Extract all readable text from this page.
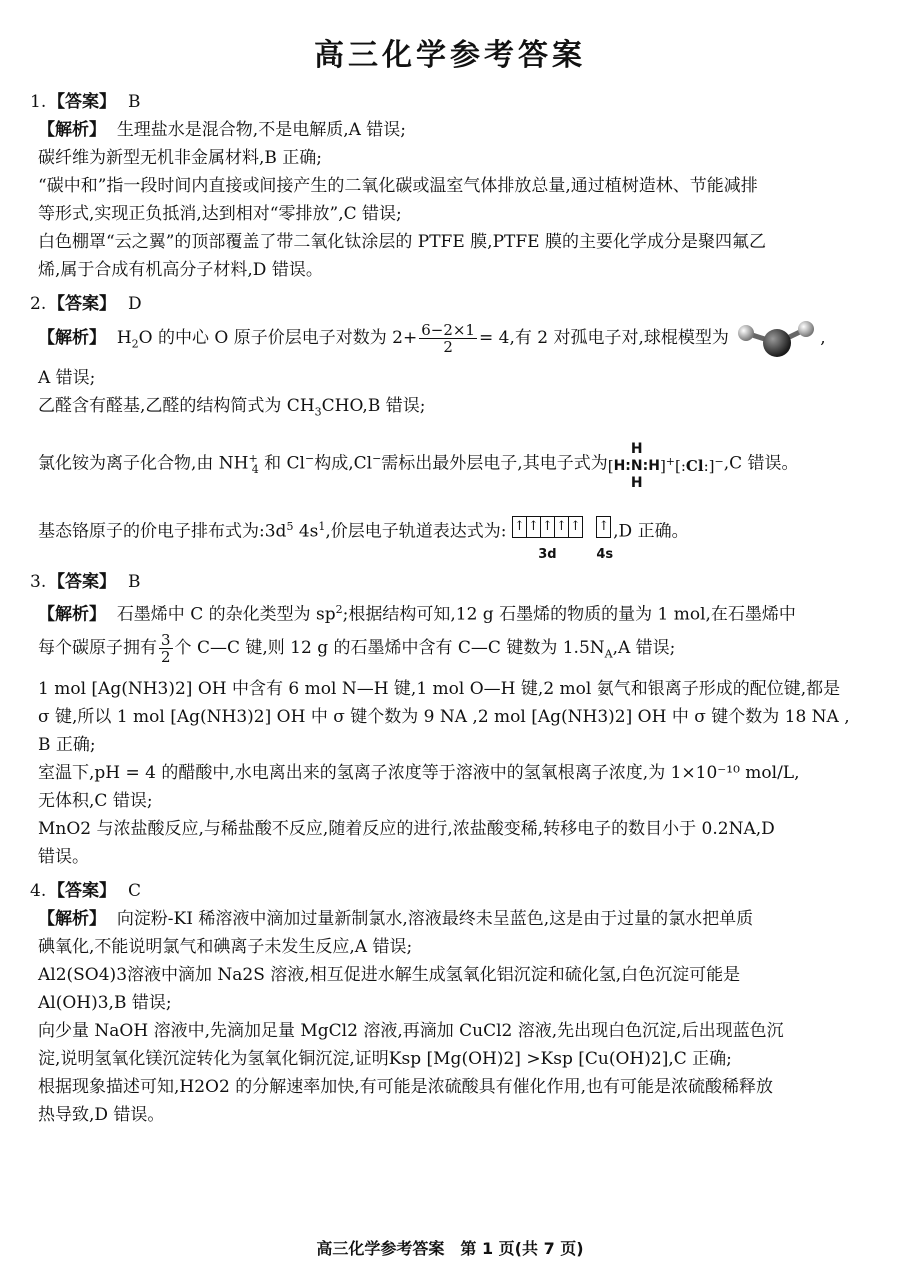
高三化学参考答案
1. 【答案】 B
【解析】 生理盐水是混合物,不是电解质,A 错误;
碳纤维为新型无机非金属材料,B 正确;
“碳中和”指一段时间内直接或间接产生的二氧化碳或温室气体排放总量,通过植树造林、节能减排
等形式,实现正负抵消,达到相对“零排放”,C 错误;
白色棚罩“云之翼”的顶部覆盖了带二氧化钛涂层的 PTFE 膜,PTFE 膜的主要化学成分是聚四氟乙
烯,属于合成有机高分子材料,D 错误。
2. 【答案】 D
【解析】 $H_2O$ 的中心 O 原子价层电子对数为 $2+ \frac{6-2\times 1}{2} = 4$,有 2 对孤电子对,球棍模型为	,
A 错误;
乙醛含有醛基,乙醛的结构简式为 $CH_3CHO,B$ 错误;
氯化铵为离子化合物,由 $NH^+_4$ 和 Cl−构成,Cl−需标出最外层电子,其电子式为[
H
H :N: H
H
]+[:Cl:]−,C 错误。
基态铬原子的价电子排布式为$:3d^5$ $4s^1$,价层电子轨道表达式为: ↑ ↑ ↑ ↑ ↑
3d

↑
4s
,D 正确。
3. 【答案】 B
【解析】 石墨烯中 C 的杂化类型为 $sp^2$;根据结构可知,12 g 石墨烯的物质的量为 1 mol,在石墨烯中
每个碳原子拥有 $\frac{3}{2}$ 个 C—C 键,则 12 g 的石墨烯中含有 C—C 键数为 $1.5N_A,A$ 错误;
1 mol [Ag(NH3)2] OH 中含有 6 mol N—H 键,1 mol O—H 键,2 mol 氨气和银离子形成的配位键,都是
σ 键,所以 1 mol [Ag(NH3)2] OH 中 σ 键个数为 9 NA ,2 mol [Ag(NH3)2] OH 中 σ 键个数为 18 NA ,
B 正确;
室温下,pH = 4 的醋酸中,水电离出来的氢离子浓度等于溶液中的氢氧根离子浓度,为 1×10⁻¹⁰ mol/L,
无体积,C 错误;
MnO2 与浓盐酸反应,与稀盐酸不反应,随着反应的进行,浓盐酸变稀,转移电子的数目小于 0.2NA,D
错误。
4. 【答案】 C
【解析】 向淀粉-KI 稀溶液中滴加过量新制氯水,溶液最终未呈蓝色,这是由于过量的氯水把单质
碘氧化,不能说明氯气和碘离子未发生反应,A 错误;
Al2(SO4)3溶液中滴加 Na2S 溶液,相互促进水解生成氢氧化铝沉淀和硫化氢,白色沉淀可能是
Al(OH)3,B 错误;
向少量 NaOH 溶液中,先滴加足量 MgCl2 溶液,再滴加 CuCl2 溶液,先出现白色沉淀,后出现蓝色沉
淀,说明氢氧化镁沉淀转化为氢氧化铜沉淀,证明Ksp [Mg(OH)2] >Ksp [Cu(OH)2],C 正确;
根据现象描述可知,H2O2 的分解速率加快,有可能是浓硫酸具有催化作用,也有可能是浓硫酸稀释放
热导致,D 错误。
高三化学参考答案　第 1 页(共 7 页)
